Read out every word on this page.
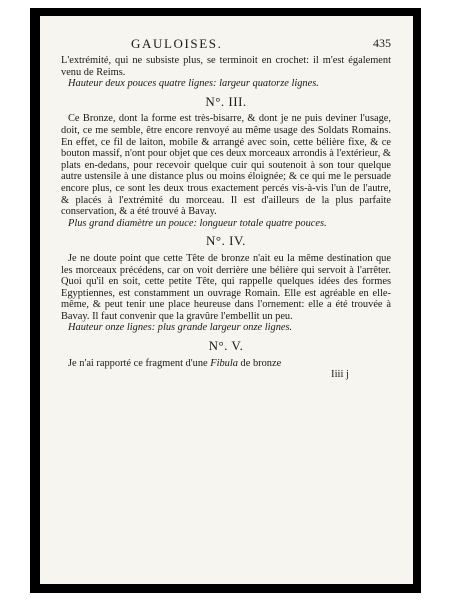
GAULOISES.	435

L'extrémité, qui ne subsiste plus, se terminoit en crochet: il m'est également venu de Reims.

Hauteur deux pouces quatre lignes: largeur quatorze lignes.

N°. III.

Ce Bronze, dont la forme est très-bisarre, & dont je ne puis deviner l'usage, doit, ce me semble, être encore renvoyé au même usage des Soldats Romains. En effet, ce fil de laiton, mobile & arrangé avec soin, cette bélière fixe, & ce bouton massif, n'ont pour objet que ces deux morceaux arrondis à l'extérieur, & plats en-dedans, pour recevoir quelque cuir qui soutenoit à son tour quelque autre ustensile à une distance plus ou moins éloignée; & ce qui me le persuade encore plus, ce sont les deux trous exactement percés vis-à-vis l'un de l'autre, & placés à l'extrémité du morceau. Il est d'ailleurs de la plus parfaite conservation, & a été trouvé à Bavay.

Plus grand diamètre un pouce: longueur totale quatre pouces.

N°. IV.

Je ne doute point que cette Tête de bronze n'ait eu la même destination que les morceaux précédens, car on voit derrière une bélière qui servoit à l'arrêter. Quoi qu'il en soit, cette petite Tête, qui rappelle quelques idées des formes Egyptiennes, est constamment un ouvrage Romain. Elle est agréable en elle-même, & peut tenir une place heureuse dans l'ornement: elle a été trouvée à Bavay. Il faut convenir que la gravûre l'embellit un peu.

Hauteur onze lignes: plus grande largeur onze lignes.

N°. V.

Je n'ai rapporté ce fragment d'une Fibula de bronze

Iiii j
